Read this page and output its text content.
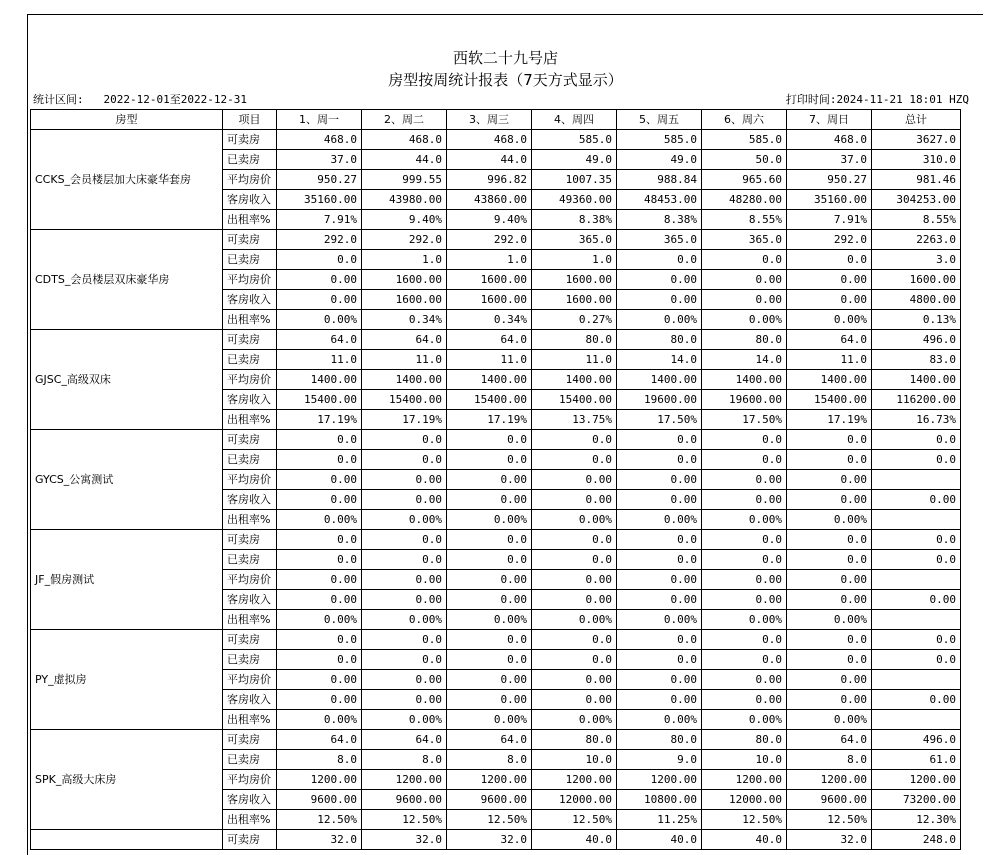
西软二十九号店
房型按周统计报表（7天方式显示）
统计区间: 2022-12-01至2022-12-31	打印时间:2024-11-21 18:01 HZQ
房型	项目	1、周一	2、周二	3、周三	4、周四	5、周五	6、周六	7、周日	总计
CCKS_会员楼层加大床豪华套房	可卖房	468.0	468.0	468.0	585.0	585.0	585.0	468.0	3627.0
	已卖房	37.0	44.0	44.0	49.0	49.0	50.0	37.0	310.0
	平均房价	950.27	999.55	996.82	1007.35	988.84	965.60	950.27	981.46
	客房收入	35160.00	43980.00	43860.00	49360.00	48453.00	48280.00	35160.00	304253.00
	出租率%	7.91%	9.40%	9.40%	8.38%	8.38%	8.55%	7.91%	8.55%
CDTS_会员楼层双床豪华房	可卖房	292.0	292.0	292.0	365.0	365.0	365.0	292.0	2263.0
	已卖房	0.0	1.0	1.0	1.0	0.0	0.0	0.0	3.0
	平均房价	0.00	1600.00	1600.00	1600.00	0.00	0.00	0.00	1600.00
	客房收入	0.00	1600.00	1600.00	1600.00	0.00	0.00	0.00	4800.00
	出租率%	0.00%	0.34%	0.34%	0.27%	0.00%	0.00%	0.00%	0.13%
GJSC_高级双床	可卖房	64.0	64.0	64.0	80.0	80.0	80.0	64.0	496.0
	已卖房	11.0	11.0	11.0	11.0	14.0	14.0	11.0	83.0
	平均房价	1400.00	1400.00	1400.00	1400.00	1400.00	1400.00	1400.00	1400.00
	客房收入	15400.00	15400.00	15400.00	15400.00	19600.00	19600.00	15400.00	116200.00
	出租率%	17.19%	17.19%	17.19%	13.75%	17.50%	17.50%	17.19%	16.73%
GYCS_公寓测试	可卖房	0.0	0.0	0.0	0.0	0.0	0.0	0.0	0.0
	已卖房	0.0	0.0	0.0	0.0	0.0	0.0	0.0	0.0
	平均房价	0.00	0.00	0.00	0.00	0.00	0.00	0.00	
	客房收入	0.00	0.00	0.00	0.00	0.00	0.00	0.00	0.00
	出租率%	0.00%	0.00%	0.00%	0.00%	0.00%	0.00%	0.00%	
JF_假房测试	可卖房	0.0	0.0	0.0	0.0	0.0	0.0	0.0	0.0
	已卖房	0.0	0.0	0.0	0.0	0.0	0.0	0.0	0.0
	平均房价	0.00	0.00	0.00	0.00	0.00	0.00	0.00	
	客房收入	0.00	0.00	0.00	0.00	0.00	0.00	0.00	0.00
	出租率%	0.00%	0.00%	0.00%	0.00%	0.00%	0.00%	0.00%	
PY_虚拟房	可卖房	0.0	0.0	0.0	0.0	0.0	0.0	0.0	0.0
	已卖房	0.0	0.0	0.0	0.0	0.0	0.0	0.0	0.0
	平均房价	0.00	0.00	0.00	0.00	0.00	0.00	0.00	
	客房收入	0.00	0.00	0.00	0.00	0.00	0.00	0.00	0.00
	出租率%	0.00%	0.00%	0.00%	0.00%	0.00%	0.00%	0.00%	
SPK_高级大床房	可卖房	64.0	64.0	64.0	80.0	80.0	80.0	64.0	496.0
	已卖房	8.0	8.0	8.0	10.0	9.0	10.0	8.0	61.0
	平均房价	1200.00	1200.00	1200.00	1200.00	1200.00	1200.00	1200.00	1200.00
	客房收入	9600.00	9600.00	9600.00	12000.00	10800.00	12000.00	9600.00	73200.00
	出租率%	12.50%	12.50%	12.50%	12.50%	11.25%	12.50%	12.50%	12.30%
	可卖房	32.0	32.0	32.0	40.0	40.0	40.0	32.0	248.0
